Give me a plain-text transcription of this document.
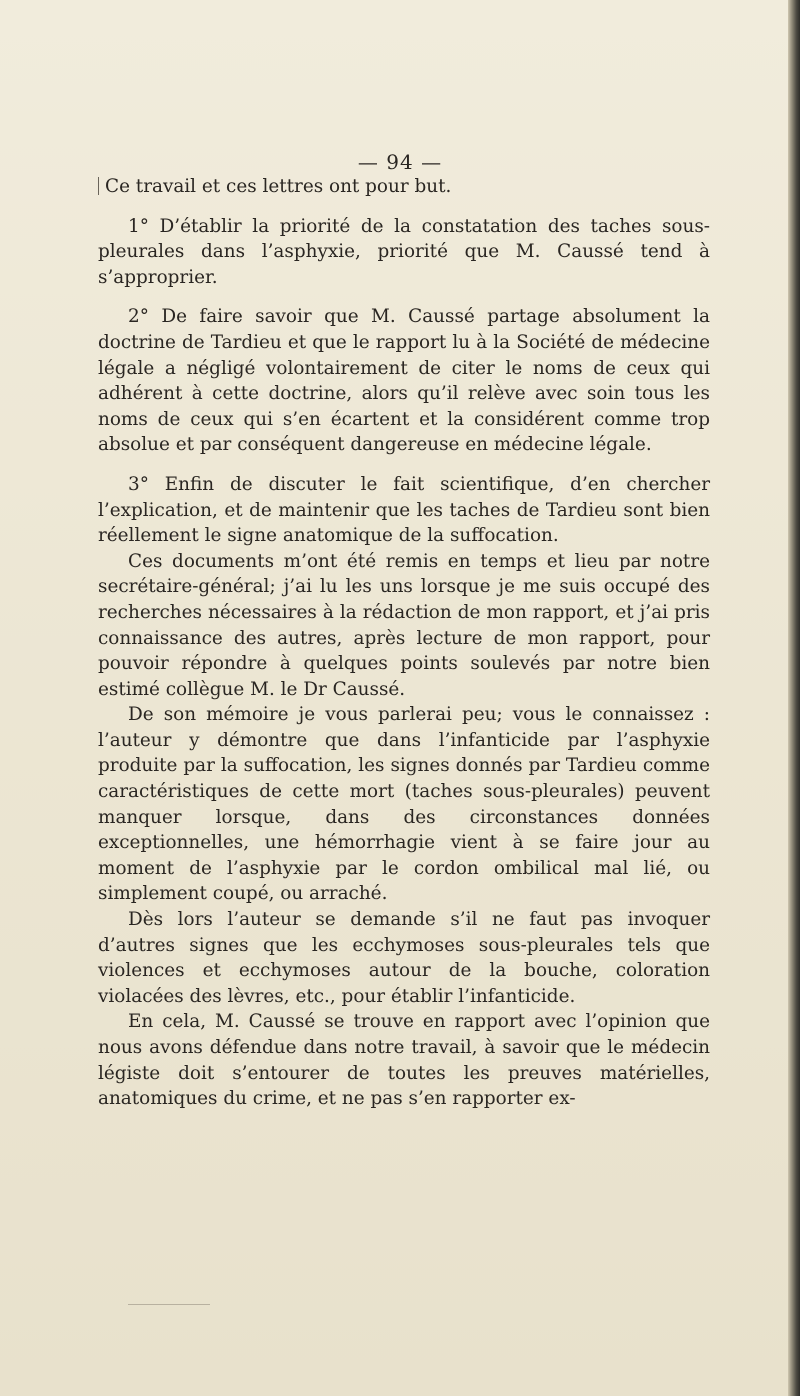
— 94 —

Ce travail et ces lettres ont pour but.

1° D’établir la priorité de la constatation des taches sous-pleurales dans l’asphyxie, priorité que M. Caussé tend à s’approprier.

2° De faire savoir que M. Caussé partage absolument la doctrine de Tardieu et que le rapport lu à la Société de médecine légale a négligé volontairement de citer le noms de ceux qui adhérent à cette doctrine, alors qu’il relève avec soin tous les noms de ceux qui s’en écartent et la considérent comme trop absolue et par conséquent dangereuse en médecine légale.

3° Enfin de discuter le fait scientifique, d’en chercher l’explication, et de maintenir que les taches de Tardieu sont bien réellement le signe anatomique de la suffocation.

Ces documents m’ont été remis en temps et lieu par notre secrétaire-général; j’ai lu les uns lorsque je me suis occupé des recherches nécessaires à la rédaction de mon rapport, et j’ai pris connaissance des autres, après lecture de mon rapport, pour pouvoir répondre à quelques points soulevés par notre bien estimé collègue M. le Dr Caussé.

De son mémoire je vous parlerai peu; vous le connaissez : l’auteur y démontre que dans l’infanticide par l’asphyxie produite par la suffocation, les signes donnés par Tardieu comme caractéristiques de cette mort (taches sous-pleurales) peuvent manquer lorsque, dans des circonstances données exceptionnelles, une hémorrhagie vient à se faire jour au moment de l’asphyxie par le cordon ombilical mal lié, ou simplement coupé, ou arraché.

Dès lors l’auteur se demande s’il ne faut pas invoquer d’autres signes que les ecchymoses sous-pleurales tels que violences et ecchymoses autour de la bouche, coloration violacées des lèvres, etc., pour établir l’infanticide.

En cela, M. Caussé se trouve en rapport avec l’opinion que nous avons défendue dans notre travail, à savoir que le médecin légiste doit s’entourer de toutes les preuves matérielles, anatomiques du crime, et ne pas s’en rapporter ex-
